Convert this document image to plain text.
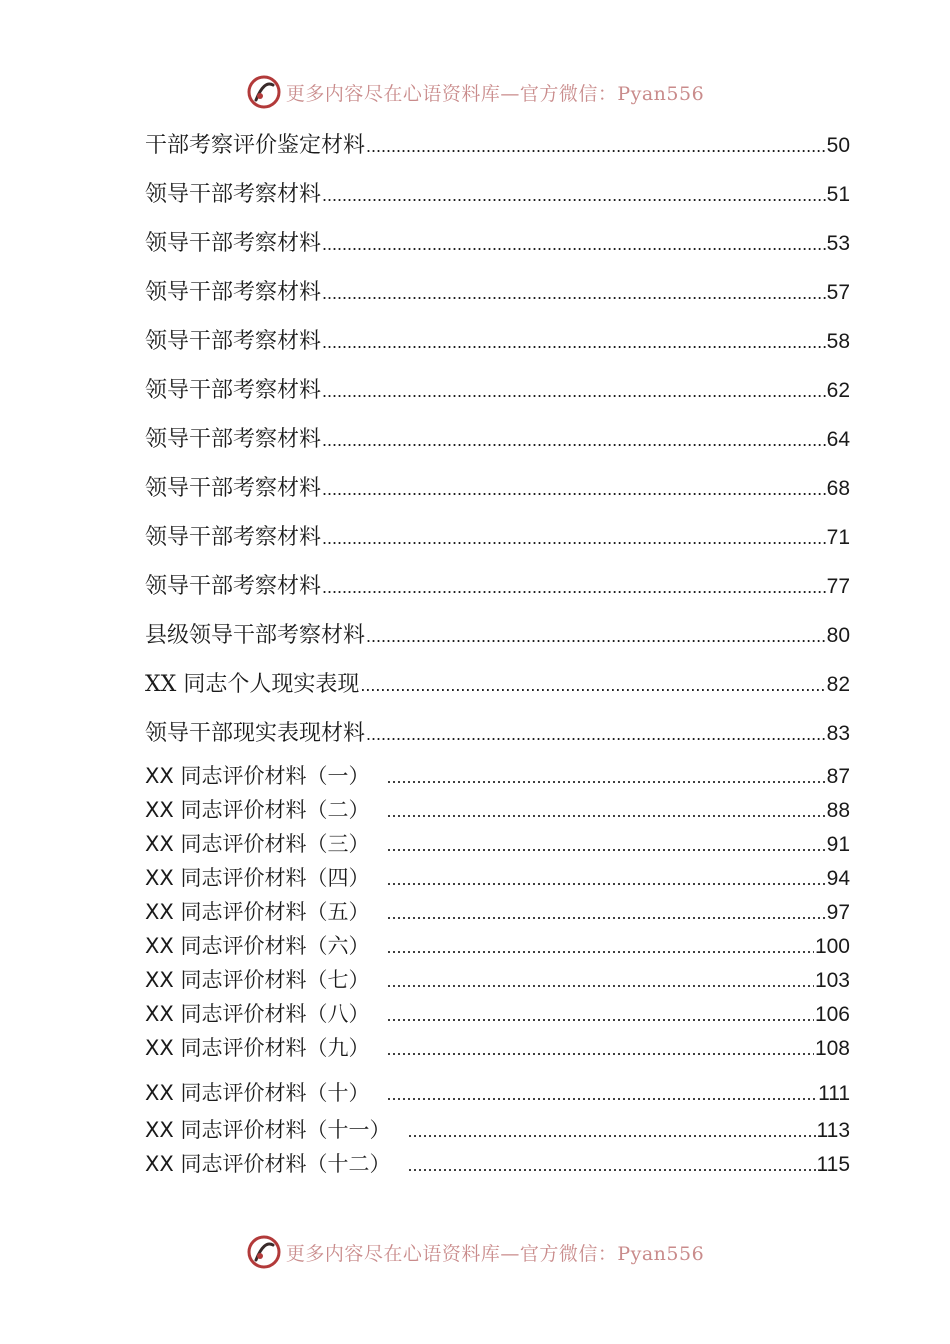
更多内容尽在心语资料库—官方微信：Pyan556
干部考察评价鉴定材料 .....	50
领导干部考察材料 .....	51
领导干部考察材料 .....	53
领导干部考察材料 .....	57
领导干部考察材料 .....	58
领导干部考察材料 .....	62
领导干部考察材料 .....	64
领导干部考察材料 .....	68
领导干部考察材料 .....	71
领导干部考察材料 .....	77
县级领导干部考察材料 .....	80
XX 同志个人现实表现 .....	82
领导干部现实表现材料 .....	83
XX 同志评价材料（一） .....	87
XX 同志评价材料（二） .....	88
XX 同志评价材料（三） .....	91
XX 同志评价材料（四） .....	94
XX 同志评价材料（五） .....	97
XX 同志评价材料（六） .....	100
XX 同志评价材料（七） .....	103
XX 同志评价材料（八） .....	106
XX 同志评价材料（九） .....	108
XX 同志评价材料（十） .....	111
XX 同志评价材料（十一） .....	113
XX 同志评价材料（十二） .....	115
更多内容尽在心语资料库—官方微信：Pyan556
